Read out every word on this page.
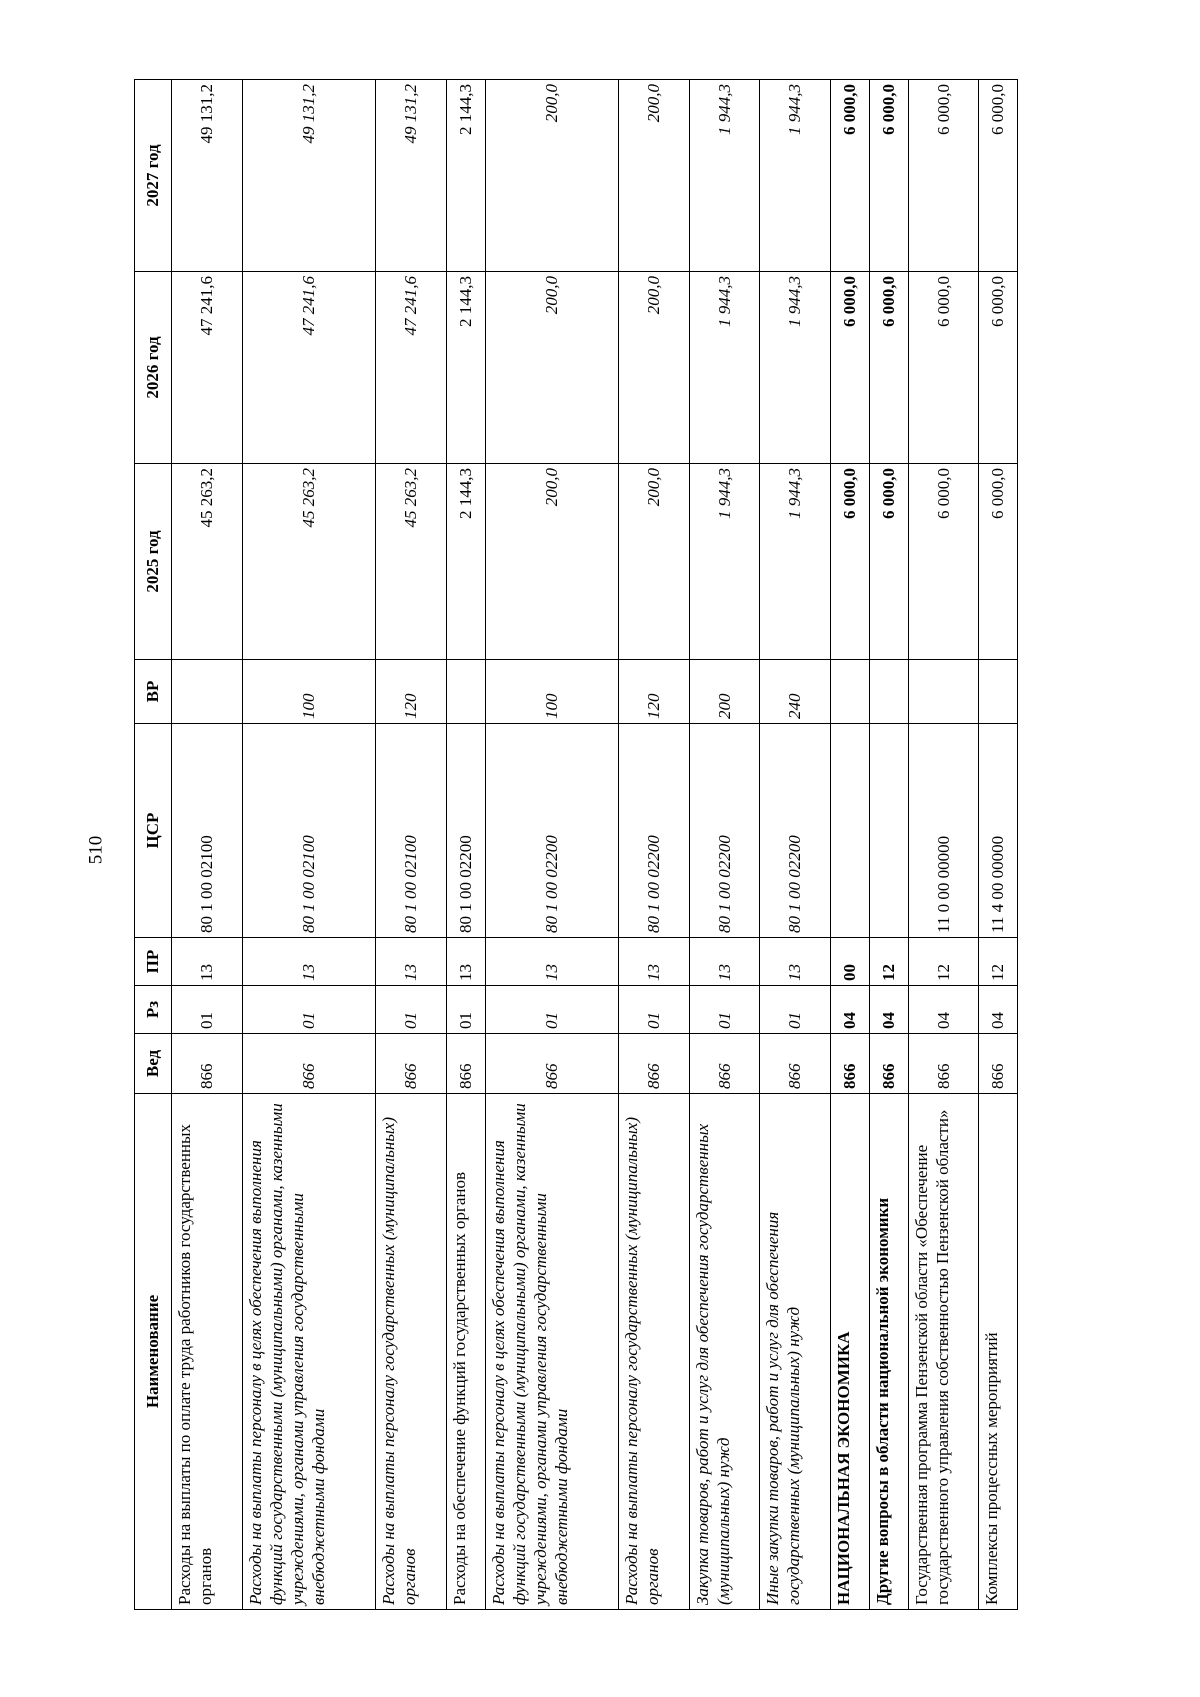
510
Наименование	Вед	Рз	ПР	ЦСР	ВР	2025 год	2026 год	2027 год
Расходы на выплаты по оплате труда работников государственных органов	866	01	13	80 1 00 02100		45 263,2	47 241,6	49 131,2
Расходы на выплаты персоналу в целях обеспечения выполнения функций государственными (муниципальными) органами, казенными учреждениями, органами управления государственными внебюджетными фондами	866	01	13	80 1 00 02100	100	45 263,2	47 241,6	49 131,2
Расходы на выплаты персоналу государственных (муниципальных) органов	866	01	13	80 1 00 02100	120	45 263,2	47 241,6	49 131,2
Расходы на обеспечение функций государственных органов	866	01	13	80 1 00 02200		2 144,3	2 144,3	2 144,3
Расходы на выплаты персоналу в целях обеспечения выполнения функций государственными (муниципальными) органами, казенными учреждениями, органами управления государственными внебюджетными фондами	866	01	13	80 1 00 02200	100	200,0	200,0	200,0
Расходы на выплаты персоналу государственных (муниципальных) органов	866	01	13	80 1 00 02200	120	200,0	200,0	200,0
Закупка товаров, работ и услуг для обеспечения государственных (муниципальных) нужд	866	01	13	80 1 00 02200	200	1 944,3	1 944,3	1 944,3
Иные закупки товаров, работ и услуг для обеспечения государственных (муниципальных) нужд	866	01	13	80 1 00 02200	240	1 944,3	1 944,3	1 944,3
НАЦИОНАЛЬНАЯ ЭКОНОМИКА	866	04	00			6 000,0	6 000,0	6 000,0
Другие вопросы в области национальной экономики	866	04	12			6 000,0	6 000,0	6 000,0
Государственная программа Пензенской области «Обеспечение государственного управления собственностью Пензенской области»	866	04	12	11 0 00 00000		6 000,0	6 000,0	6 000,0
Комплексы процессных мероприятий	866	04	12	11 4 00 00000		6 000,0	6 000,0	6 000,0
